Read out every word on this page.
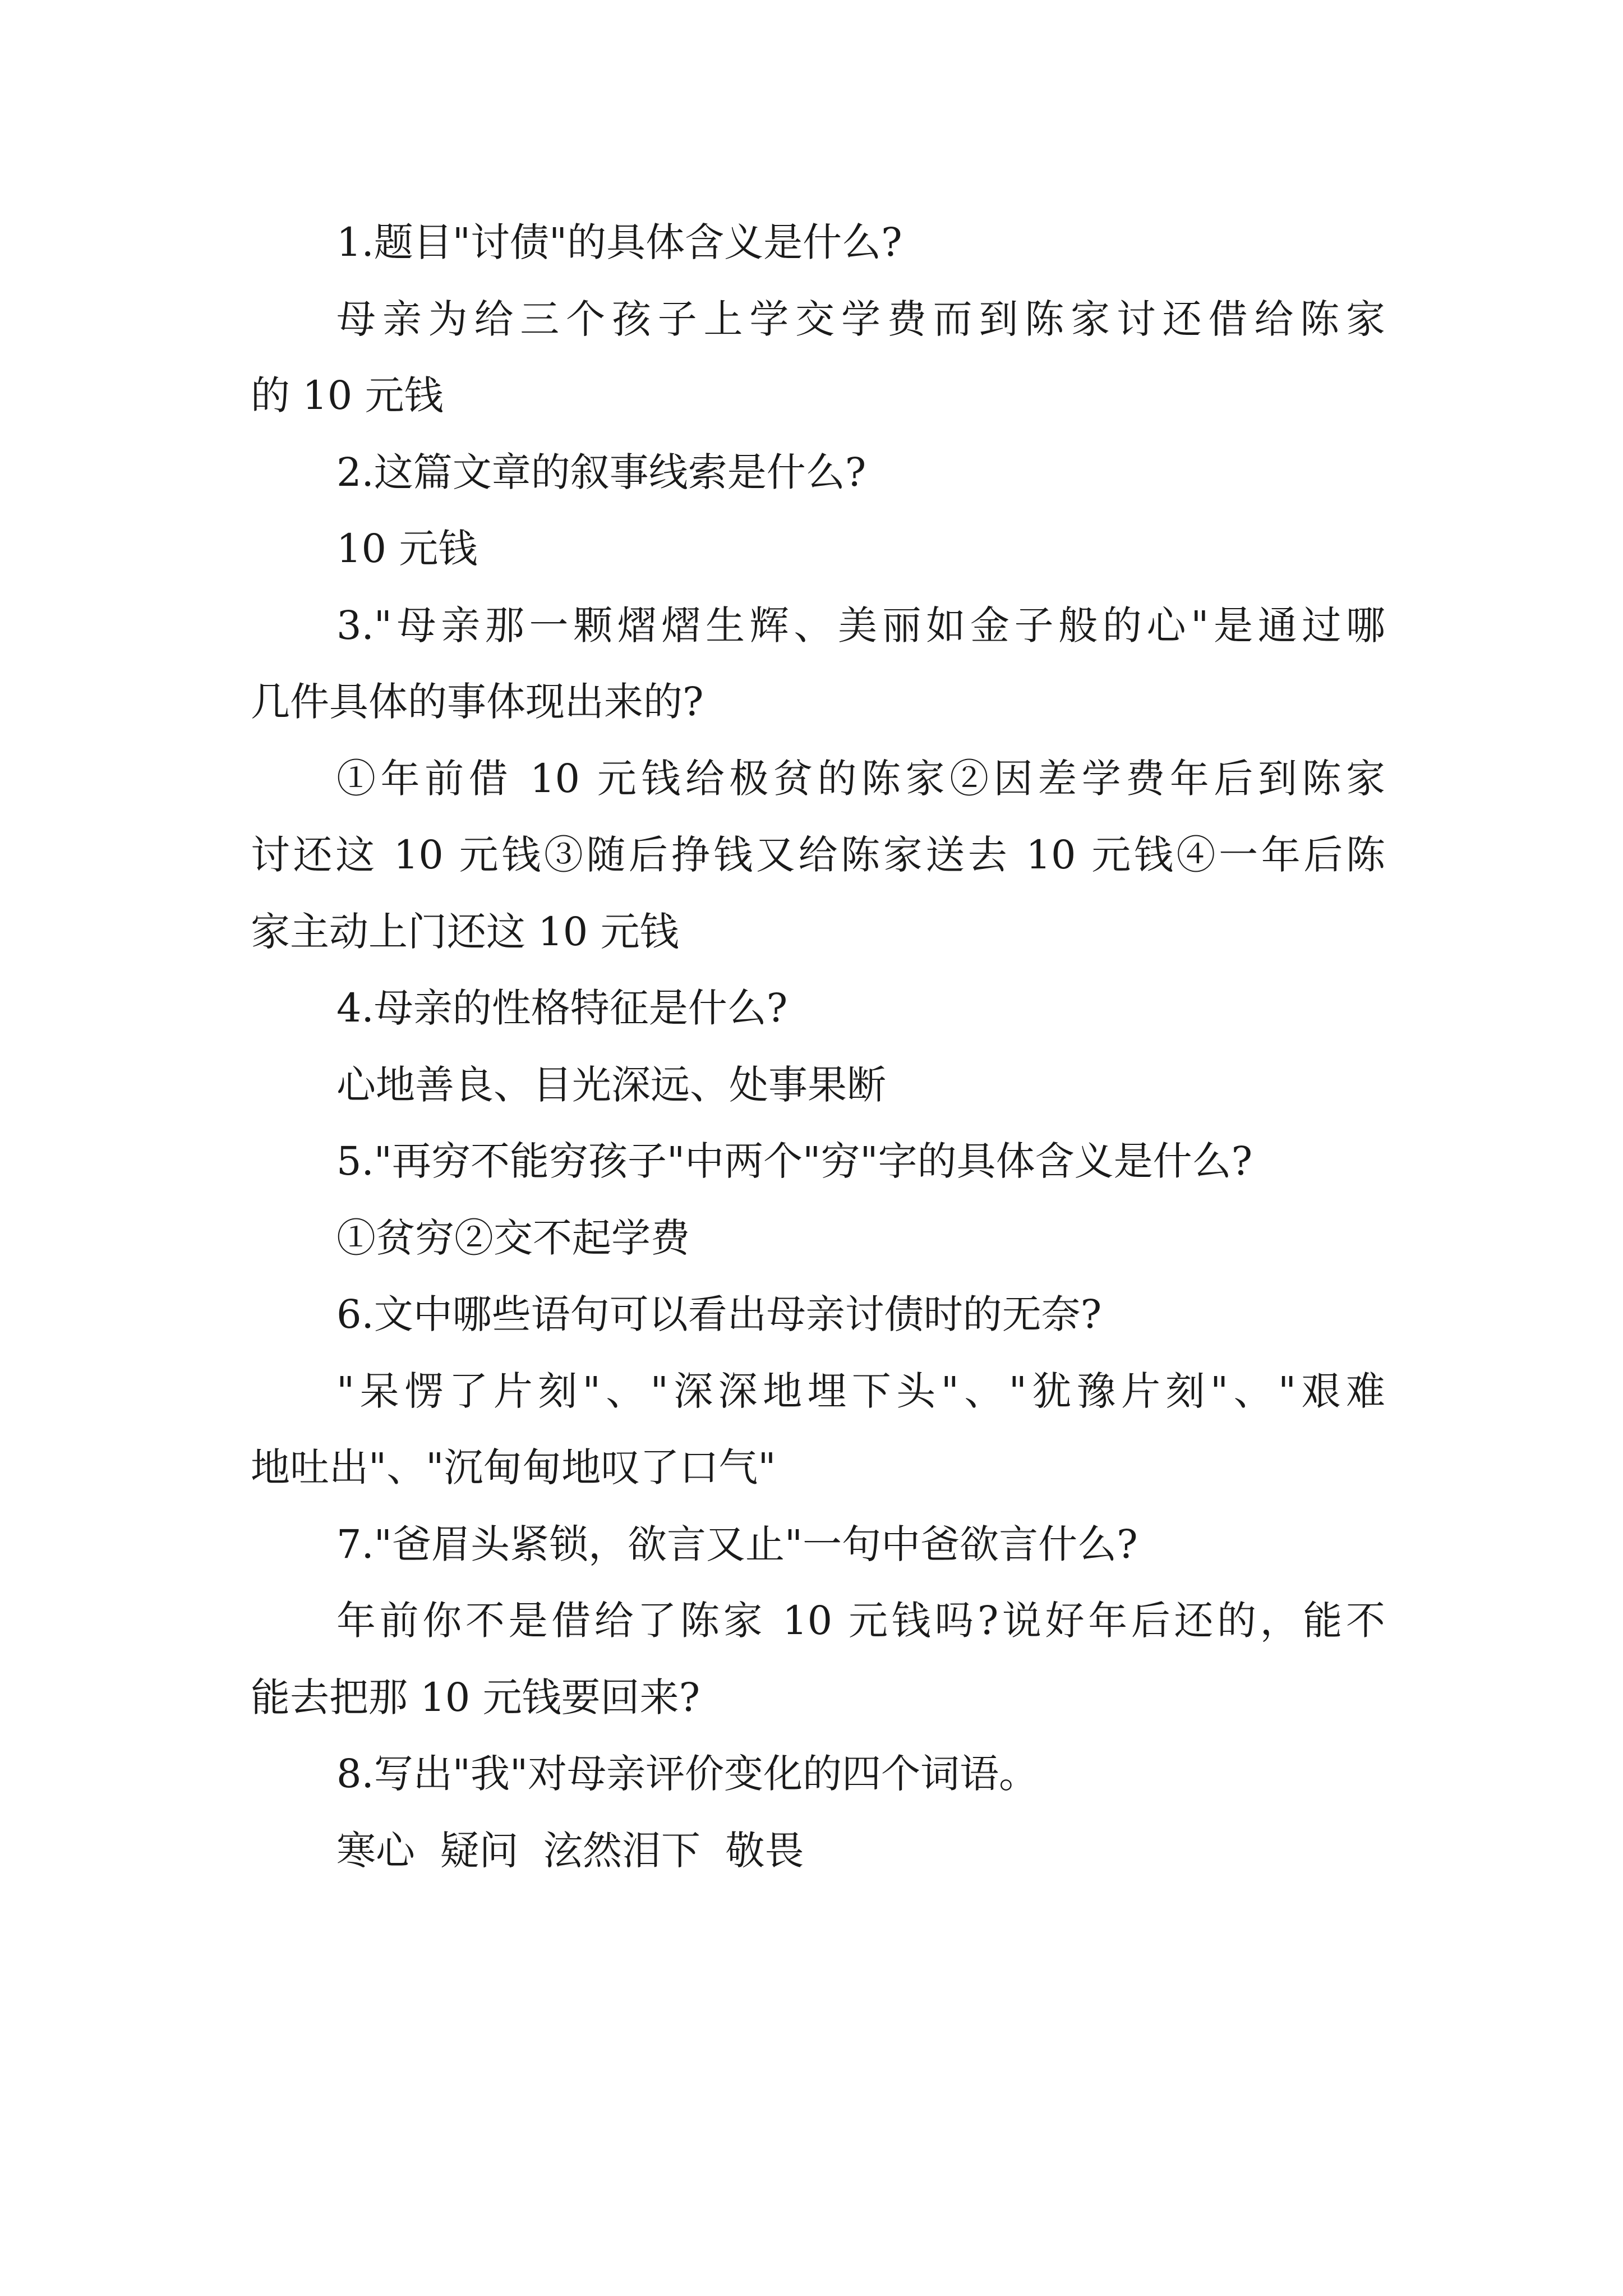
1.题目"讨债"的具体含义是什么?
母亲为给三个孩子上学交学费而到陈家讨还借给陈家
的 10 元钱
2.这篇文章的叙事线索是什么?
10 元钱
3."母亲那一颗熠熠生辉、美丽如金子般的心"是通过哪
几件具体的事体现出来的?
①年前借 10 元钱给极贫的陈家②因差学费年后到陈家
讨还这 10 元钱③随后挣钱又给陈家送去 10 元钱④一年后陈
家主动上门还这 10 元钱
4.母亲的性格特征是什么?
心地善良、目光深远、处事果断
5."再穷不能穷孩子"中两个"穷"字的具体含义是什么?
①贫穷②交不起学费
6.文中哪些语句可以看出母亲讨债时的无奈?
"呆愣了片刻"、"深深地埋下头"、"犹豫片刻"、"艰难
地吐出"、"沉甸甸地叹了口气"
7."爸眉头紧锁，欲言又止"一句中爸欲言什么?
年前你不是借给了陈家 10 元钱吗?说好年后还的，能不
能去把那 10 元钱要回来?
8.写出"我"对母亲评价变化的四个词语。
寒心  疑问  泫然泪下  敬畏
